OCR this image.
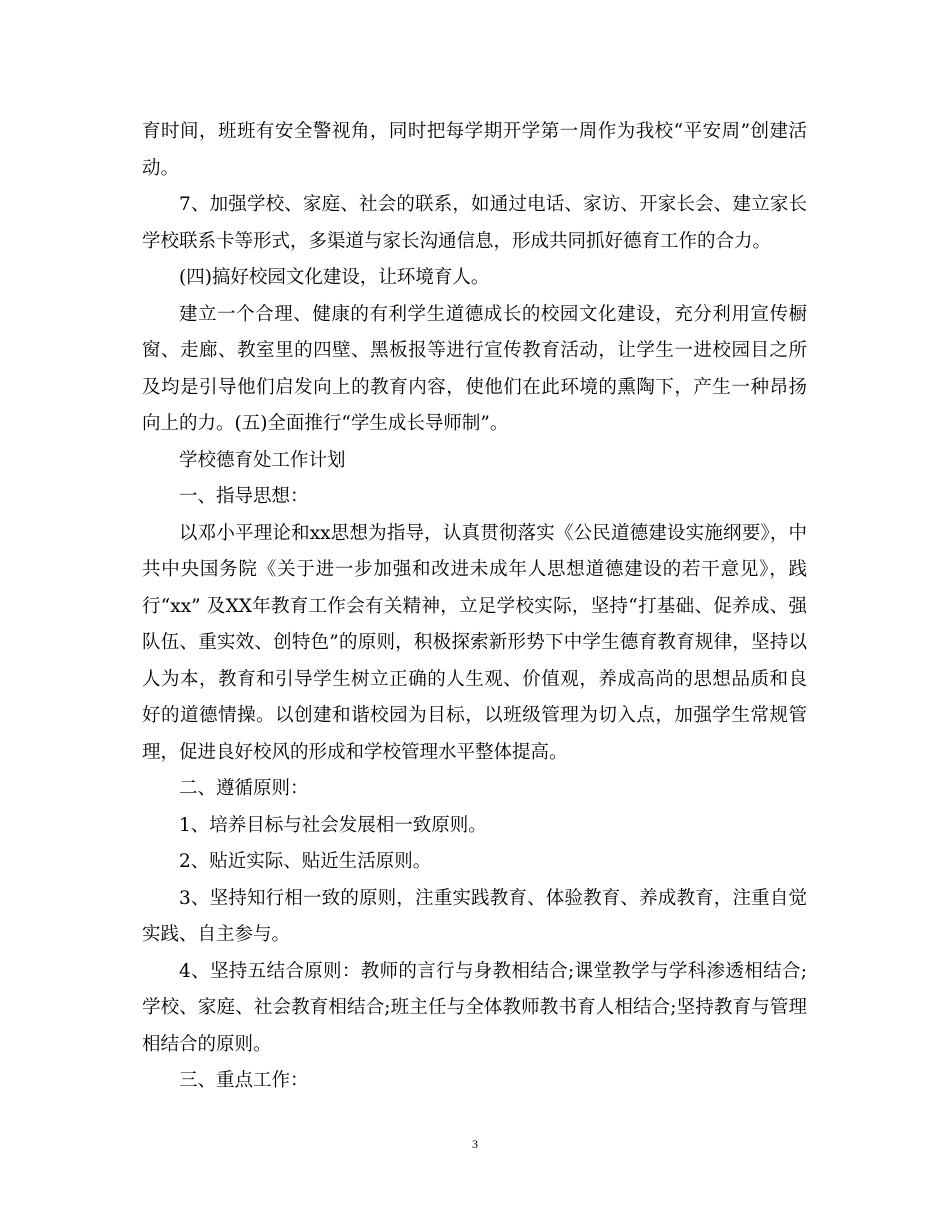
育时间，班班有安全警视角，同时把每学期开学第一周作为我校“平安周”创建活动。

7、加强学校、家庭、社会的联系，如通过电话、家访、开家长会、建立家长学校联系卡等形式，多渠道与家长沟通信息，形成共同抓好德育工作的合力。

(四)搞好校园文化建设，让环境育人。

建立一个合理、健康的有利学生道德成长的校园文化建设，充分利用宣传橱窗、走廊、教室里的四壁、黑板报等进行宣传教育活动，让学生一进校园目之所及均是引导他们启发向上的教育内容，使他们在此环境的熏陶下，产生一种昂扬向上的力。(五)全面推行“学生成长导师制”。

学校德育处工作计划

一、指导思想：

以邓小平理论和xx思想为指导，认真贯彻落实《公民道德建设实施纲要》，中共中央国务院《关于进一步加强和改进未成年人思想道德建设的若干意见》，践行“xx” 及XX年教育工作会有关精神，立足学校实际，坚持“打基础、促养成、强队伍、重实效、创特色”的原则，积极探索新形势下中学生德育教育规律，坚持以人为本，教育和引导学生树立正确的人生观、价值观，养成高尚的思想品质和良好的道德情操。以创建和谐校园为目标，以班级管理为切入点，加强学生常规管理，促进良好校风的形成和学校管理水平整体提高。

二、遵循原则：

1、培养目标与社会发展相一致原则。

2、贴近实际、贴近生活原则。

3、坚持知行相一致的原则，注重实践教育、体验教育、养成教育，注重自觉实践、自主参与。

4、坚持五结合原则：教师的言行与身教相结合;课堂教学与学科渗透相结合;学校、家庭、社会教育相结合;班主任与全体教师教书育人相结合;坚持教育与管理相结合的原则。

三、重点工作：

3
